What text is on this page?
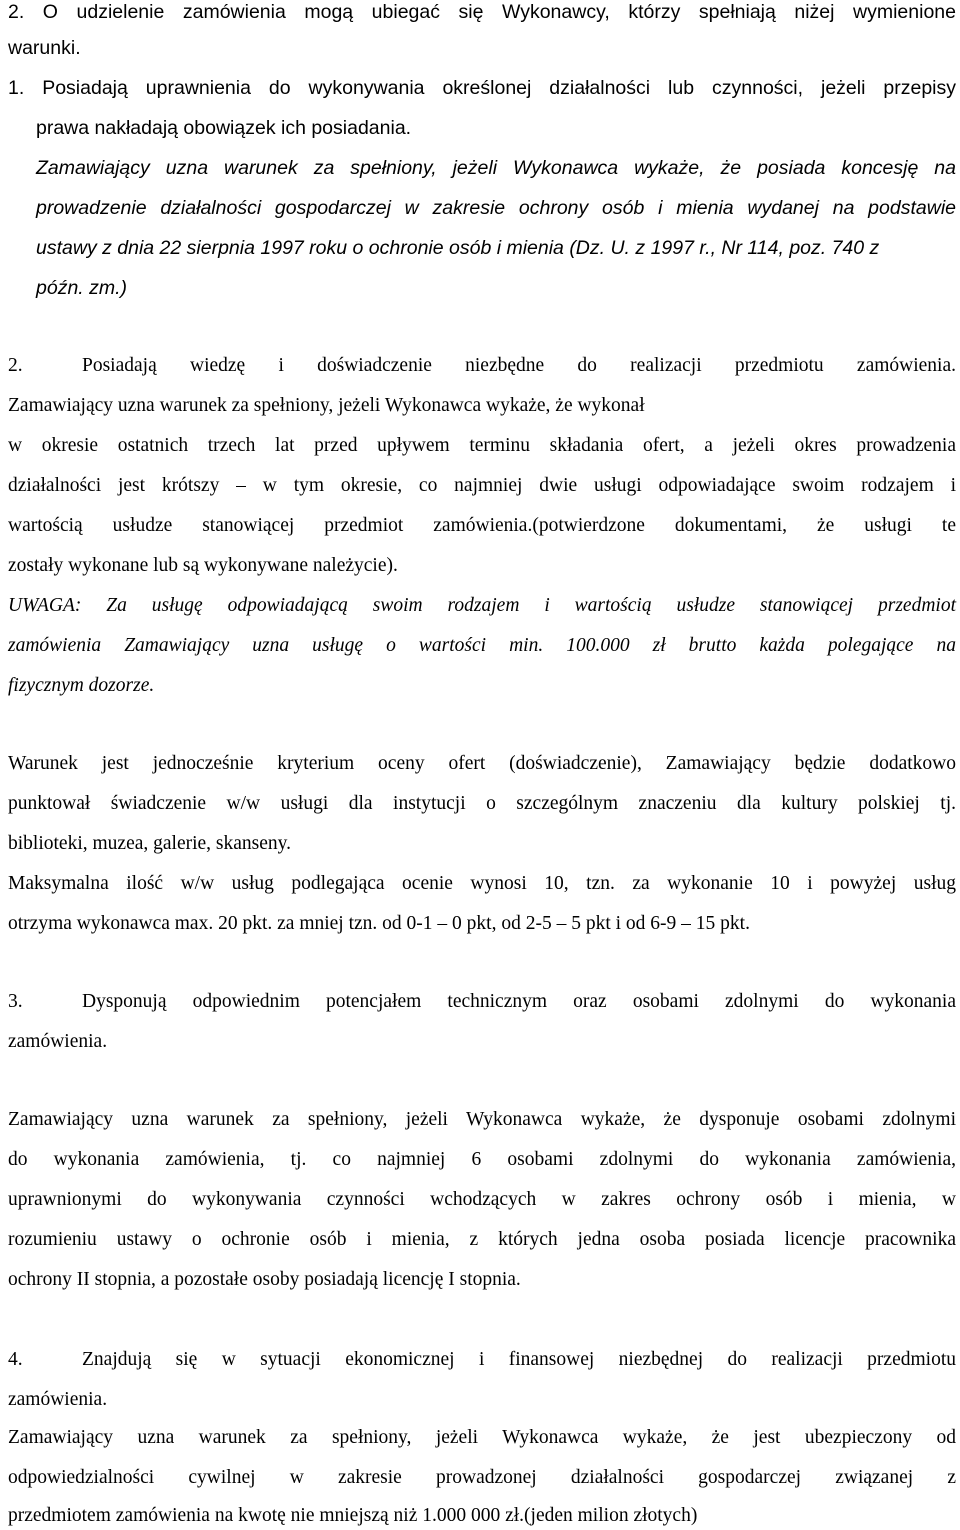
2. O udzielenie zamówienia mogą ubiegać się Wykonawcy, którzy spełniają niżej wymienione
warunki.
1. Posiadają uprawnienia do wykonywania określonej działalności lub czynności, jeżeli przepisy
prawa nakładają obowiązek ich posiadania.
Zamawiający uzna warunek za spełniony, jeżeli Wykonawca wykaże, że posiada koncesję na
prowadzenie działalności gospodarczej w zakresie ochrony osób i mienia wydanej na podstawie
ustawy z dnia 22 sierpnia 1997 roku o ochronie osób i mienia (Dz. U. z 1997 r., Nr 114, poz. 740 z
późn. zm.)
2.	Posiadają wiedzę i doświadczenie niezbędne do realizacji przedmiotu zamówienia.
Zamawiający uzna warunek za spełniony, jeżeli Wykonawca wykaże, że wykonał
w okresie ostatnich trzech lat przed upływem terminu składania ofert, a jeżeli okres prowadzenia
działalności jest krótszy – w tym okresie, co najmniej dwie usługi odpowiadające swoim rodzajem i
wartością usłudze stanowiącej przedmiot zamówienia.(potwierdzone dokumentami, że usługi te
zostały wykonane lub są wykonywane należycie).
UWAGA: Za usługę odpowiadającą swoim rodzajem i wartością usłudze stanowiącej przedmiot
zamówienia Zamawiający uzna usługę o wartości min. 100.000 zł brutto każda polegające na
fizycznym dozorze.
Warunek jest jednocześnie kryterium oceny ofert (doświadczenie), Zamawiający będzie dodatkowo
punktował świadczenie w/w usługi dla instytucji o szczególnym znaczeniu dla kultury polskiej tj.
biblioteki, muzea, galerie, skanseny.
Maksymalna ilość w/w usług podlegająca ocenie wynosi 10, tzn. za wykonanie 10 i powyżej usług
otrzyma wykonawca max. 20 pkt. za mniej tzn. od 0-1 – 0 pkt, od 2-5 – 5 pkt i od 6-9 – 15 pkt.
3.	Dysponują odpowiednim potencjałem technicznym oraz osobami zdolnymi do wykonania
zamówienia.
Zamawiający uzna warunek za spełniony, jeżeli Wykonawca wykaże, że dysponuje osobami zdolnymi
do wykonania zamówienia, tj. co najmniej 6 osobami zdolnymi do wykonania zamówienia,
uprawnionymi do wykonywania czynności wchodzących w zakres ochrony osób i mienia, w
rozumieniu ustawy o ochronie osób i mienia, z których jedna osoba posiada licencje pracownika
ochrony II stopnia, a pozostałe osoby posiadają licencję I stopnia.
4.	Znajdują się w sytuacji ekonomicznej i finansowej niezbędnej do realizacji przedmiotu
zamówienia.
Zamawiający uzna warunek za spełniony, jeżeli Wykonawca wykaże, że jest ubezpieczony od
odpowiedzialności cywilnej w zakresie prowadzonej działalności gospodarczej związanej z
przedmiotem zamówienia na kwotę nie mniejszą niż 1.000 000 zł.(jeden milion złotych)
